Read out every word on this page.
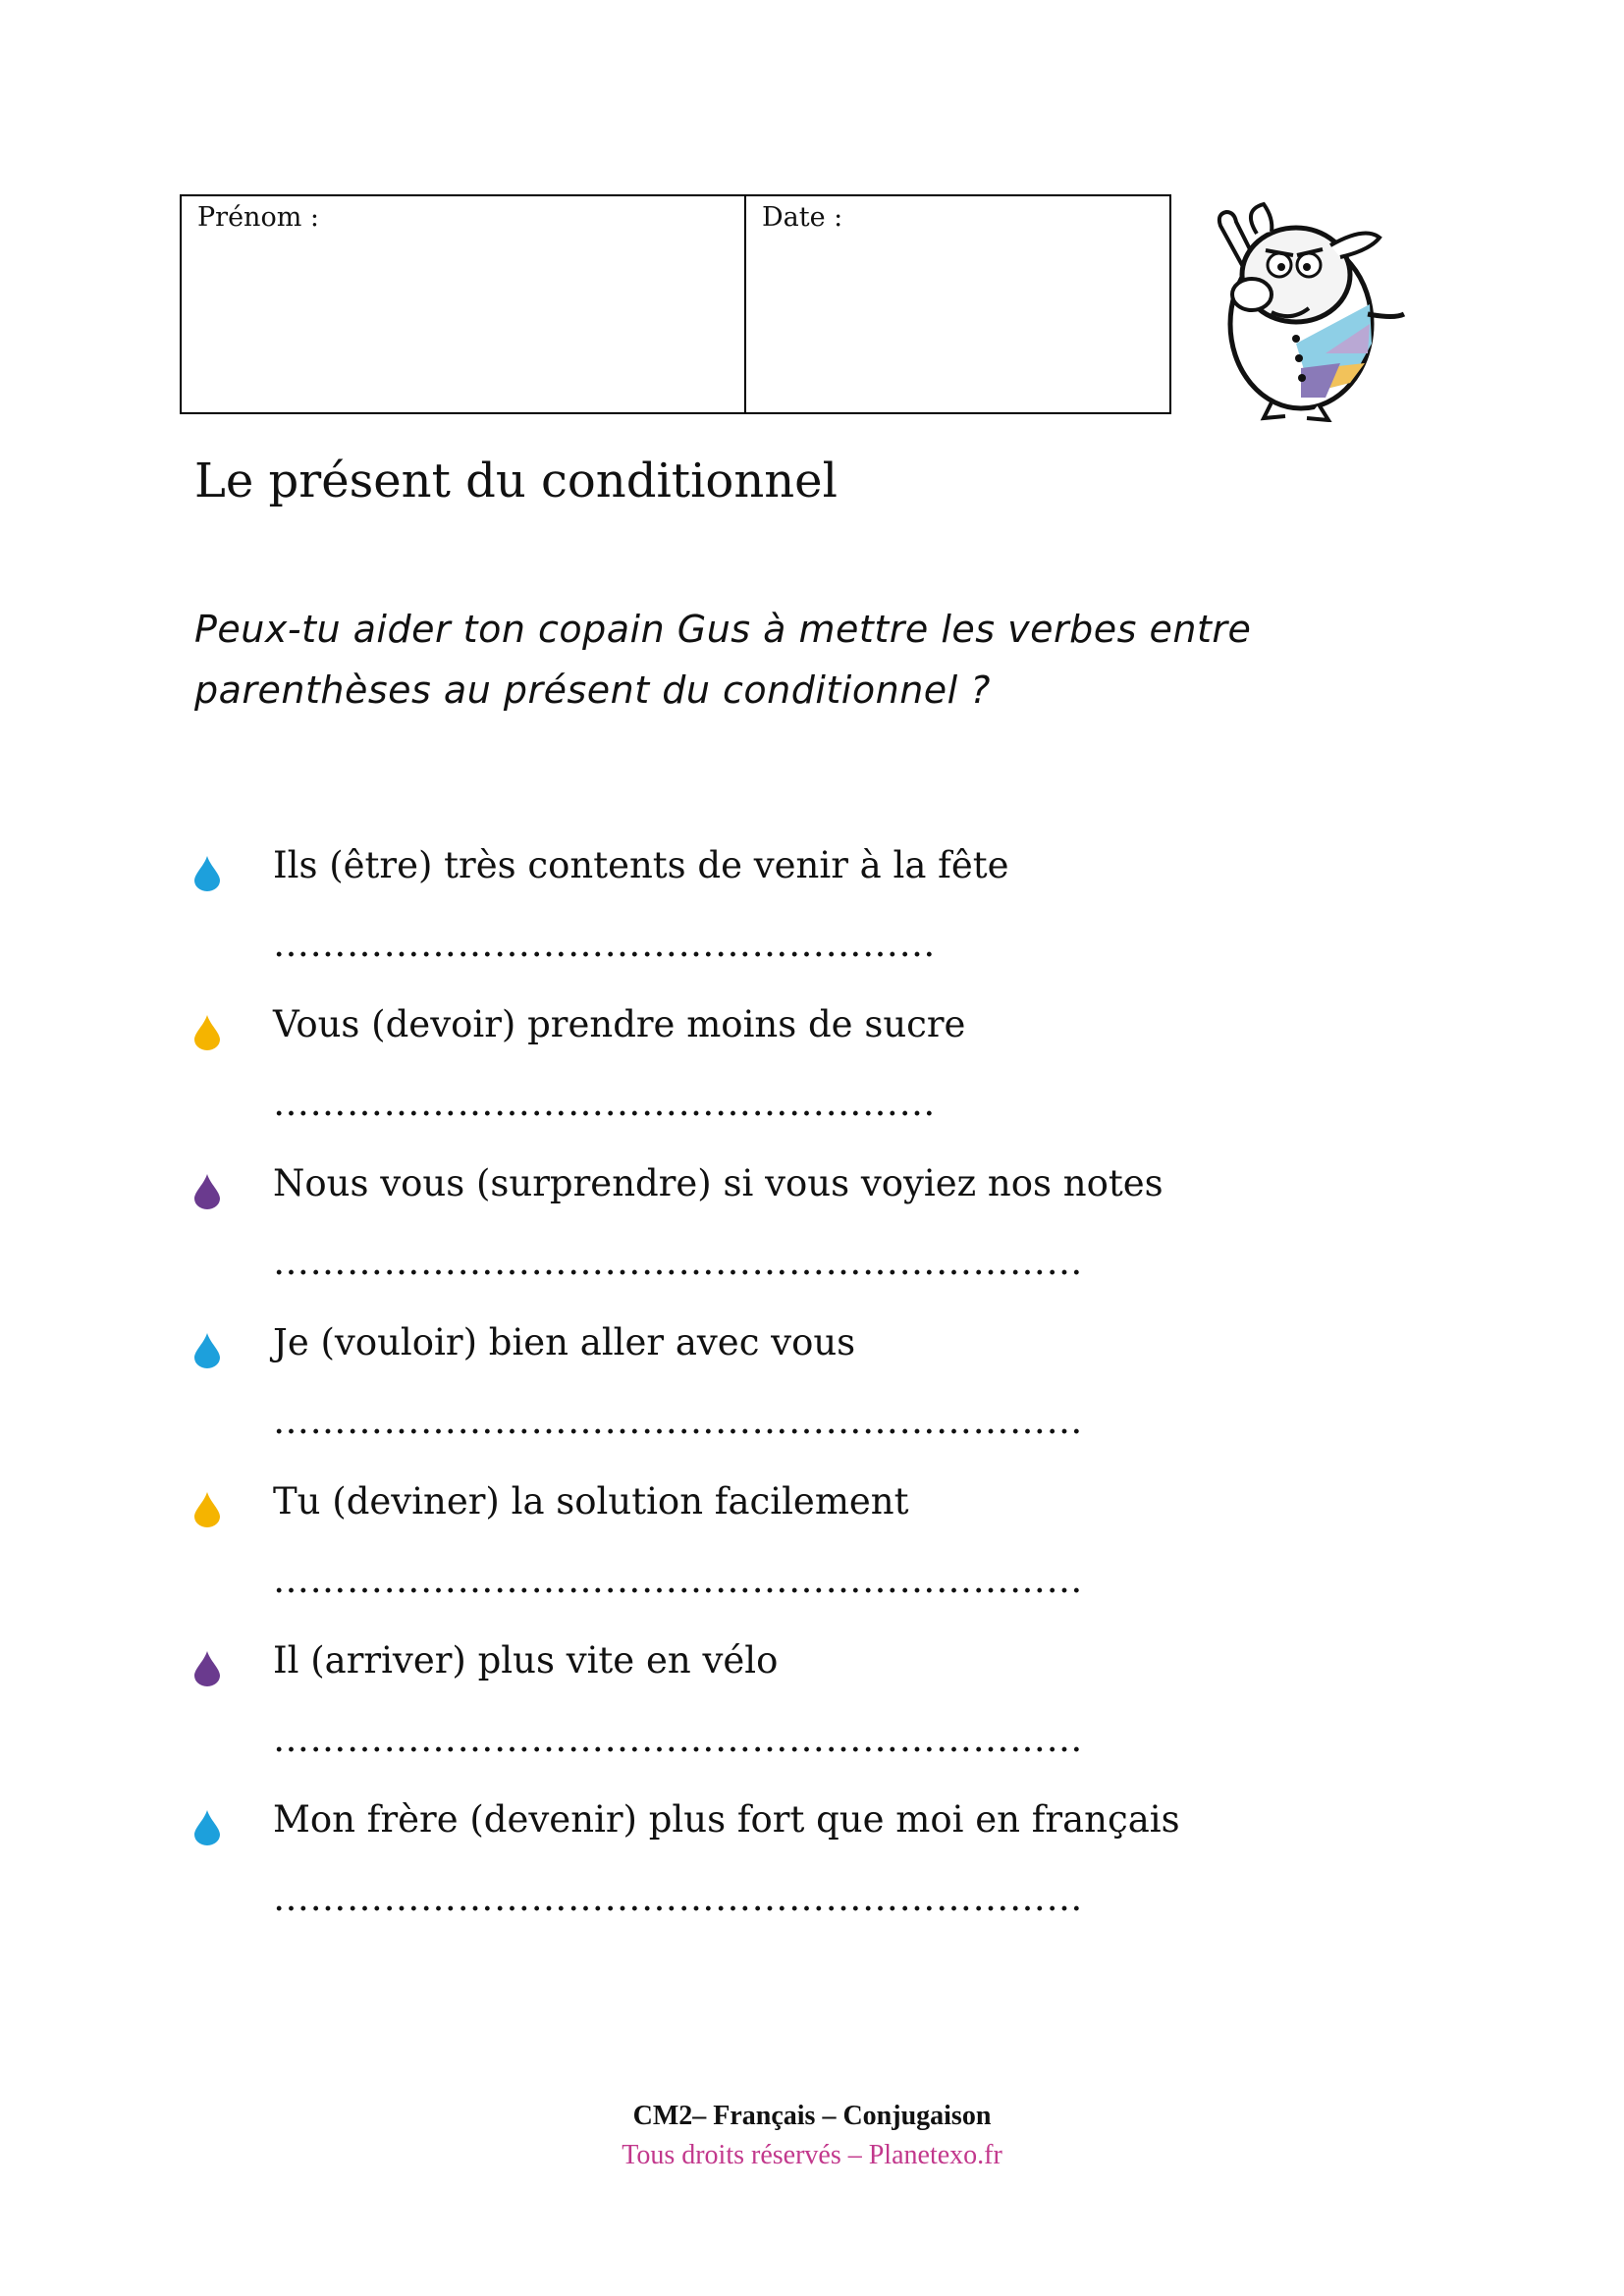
Prénom :	Date :
Le présent du conditionnel

Peux-tu aider ton copain Gus à mettre les verbes entre parenthèses au présent du conditionnel ?

Ils (être) très contents de venir à la fête
………………………………………………
Vous (devoir) prendre moins de sucre
………………………………………………
Nous vous (surprendre) si vous voyiez nos notes
…………………………………………………………
Je (vouloir) bien aller avec vous
…………………………………………………………
Tu (deviner) la solution facilement
…………………………………………………………
Il (arriver) plus vite en vélo
…………………………………………………………
Mon frère (devenir) plus fort que moi en français
…………………………………………………………
CM2– Français – Conjugaison
Tous droits réservés – Planetexo.fr
